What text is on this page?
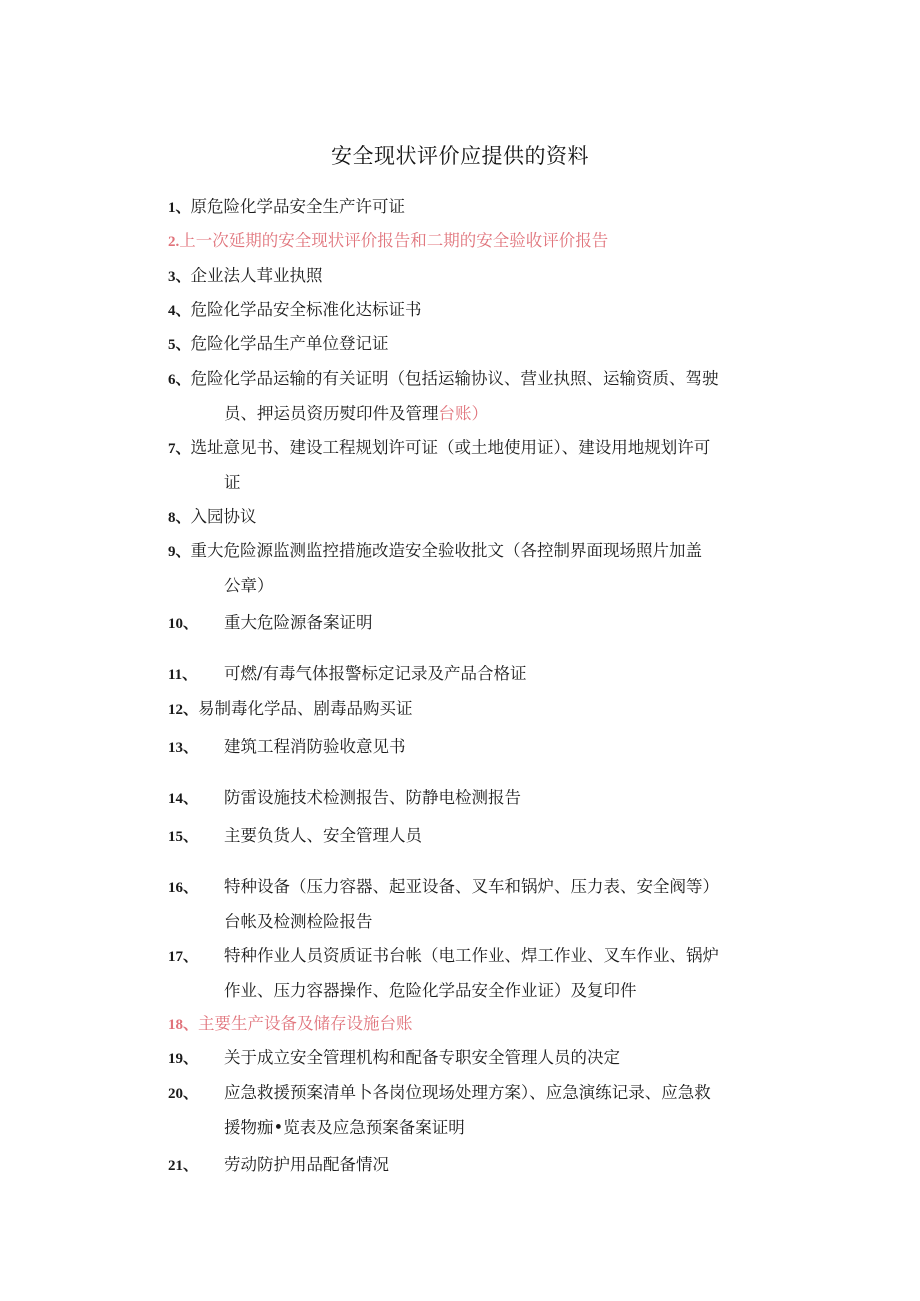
安全现状评价应提供的资料
1、原危险化学品安全生产许可证
2.上一次延期的安全现状评价报告和二期的安全验收评价报告
3、企业法人茸业执照
4、危险化学品安全标准化达标证书
5、危险化学品生产单位登记证
6、危险化学品运输的有关证明（包括运输协议、营业执照、运输资质、驾驶
员、押运员资历熨印件及管理台账）
7、选址意见书、建设工程规划许可证（或土地使用证）、建设用地规划许可
证
8、入园协议
9、重大危险源监测监控措施改造安全验收批文（各控制界面现场照片加盖
公章）
10、 重大危险源备案证明
11、 可燃/有毒气体报警标定记录及产品合格证
12、易制毒化学品、剧毒品购买证
13、 建筑工程消防验收意见书
14、 防雷设施技术检测报告、防静电检测报告
15、 主要负货人、安全管理人员
16、 特种设备（压力容器、起亚设备、叉车和锅炉、压力表、安全阀等）
台帐及检测检险报告
17、 特种作业人员资质证书台帐（电工作业、焊工作业、叉车作业、锅炉
作业、压力容器操作、危险化学品安全作业证）及复印件
18、主要生产设备及储存设施台账
19、 关于成立安全管理机构和配备专职安全管理人员的决定
20、 应急救援预案清单卜各岗位现场处理方案）、应急演练记录、应急救
援物痂•览表及应急预案备案证明
21、 劳动防护用品配备情况
